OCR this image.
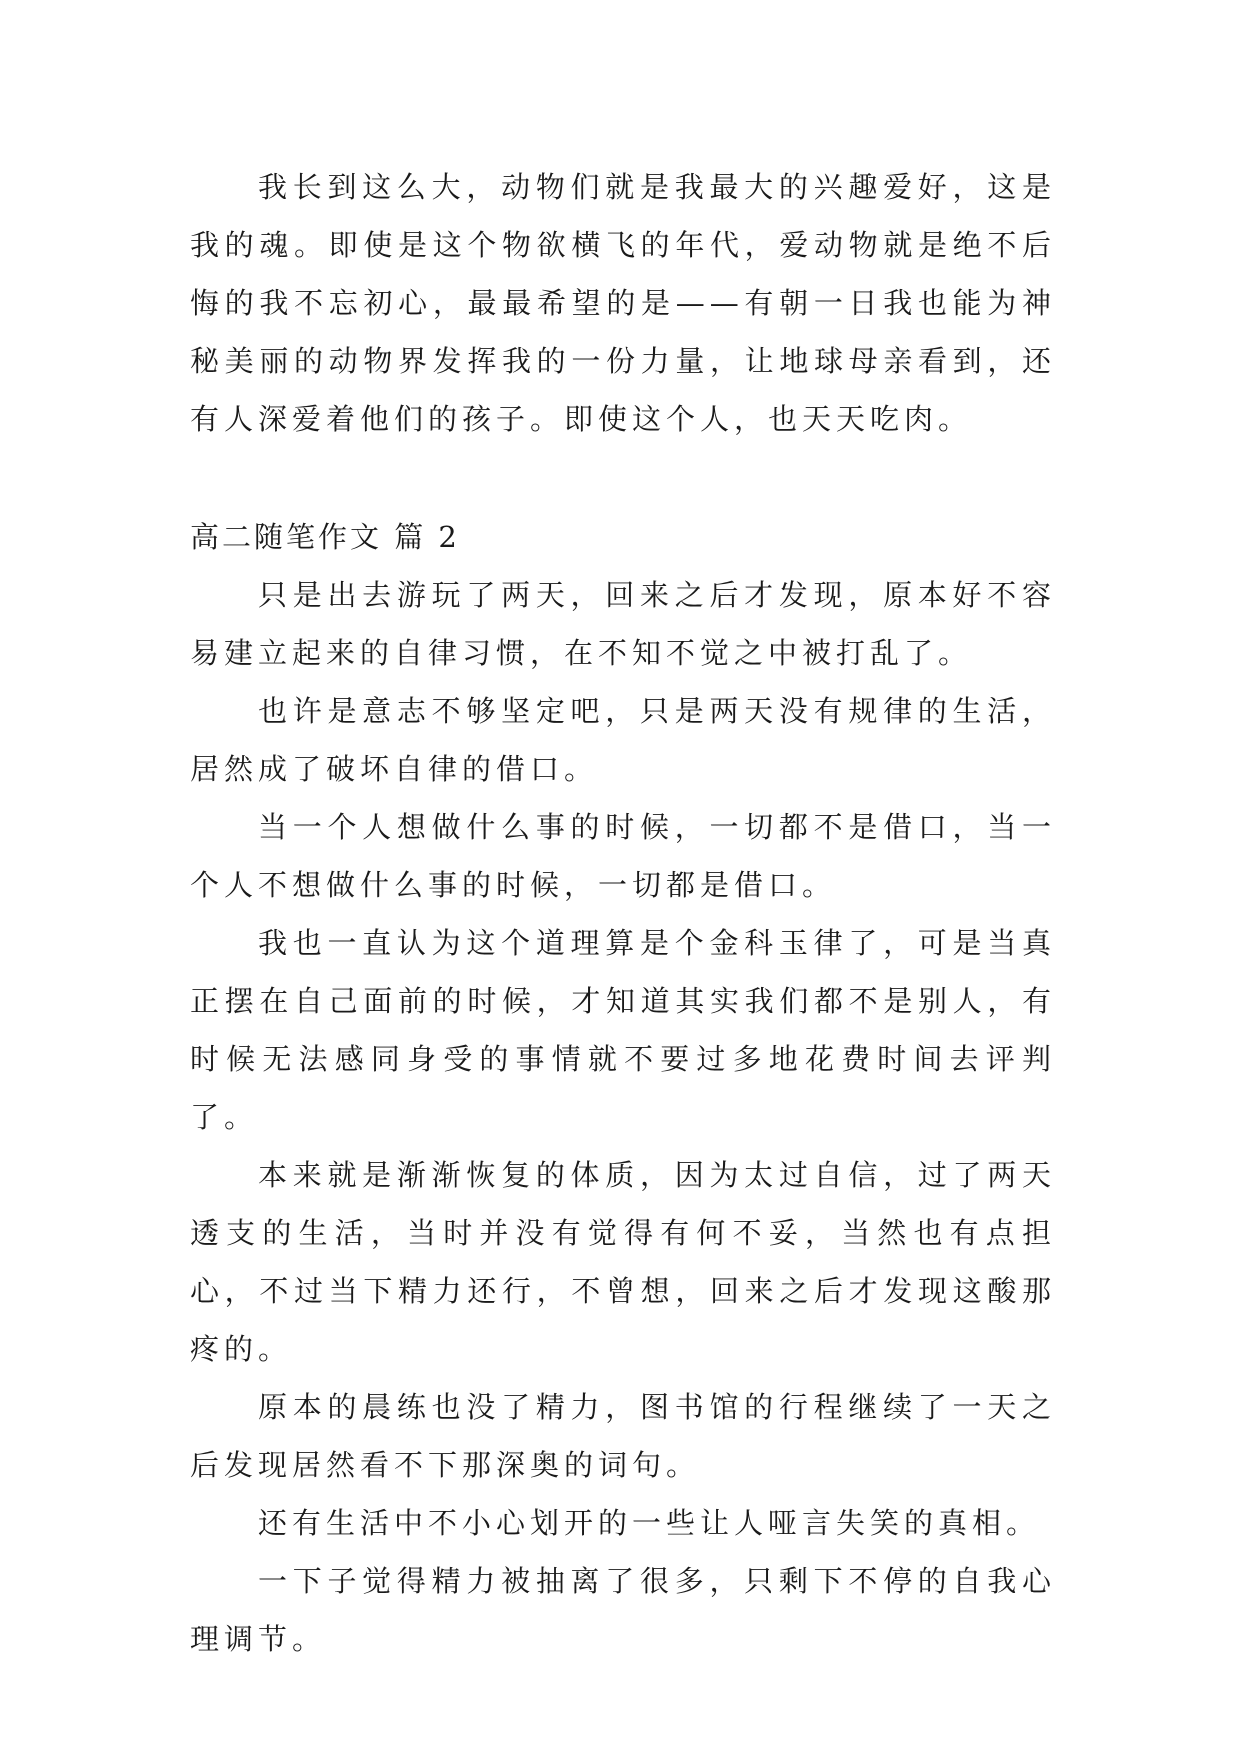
我长到这么大，动物们就是我最大的兴趣爱好，这是我的魂。即使是这个物欲横飞的年代，爱动物就是绝不后悔的我不忘初心，最最希望的是——有朝一日我也能为神秘美丽的动物界发挥我的一份力量，让地球母亲看到，还有人深爱着他们的孩子。即使这个人，也天天吃肉。

高二随笔作文 篇 2

只是出去游玩了两天，回来之后才发现，原本好不容易建立起来的自律习惯，在不知不觉之中被打乱了。

也许是意志不够坚定吧，只是两天没有规律的生活，居然成了破坏自律的借口。

当一个人想做什么事的时候，一切都不是借口，当一个人不想做什么事的时候，一切都是借口。

我也一直认为这个道理算是个金科玉律了，可是当真正摆在自己面前的时候，才知道其实我们都不是别人，有时候无法感同身受的事情就不要过多地花费时间去评判了。

本来就是渐渐恢复的体质，因为太过自信，过了两天透支的生活，当时并没有觉得有何不妥，当然也有点担心，不过当下精力还行，不曾想，回来之后才发现这酸那疼的。

原本的晨练也没了精力，图书馆的行程继续了一天之后发现居然看不下那深奥的词句。

还有生活中不小心划开的一些让人哑言失笑的真相。

一下子觉得精力被抽离了很多，只剩下不停的自我心理调节。
